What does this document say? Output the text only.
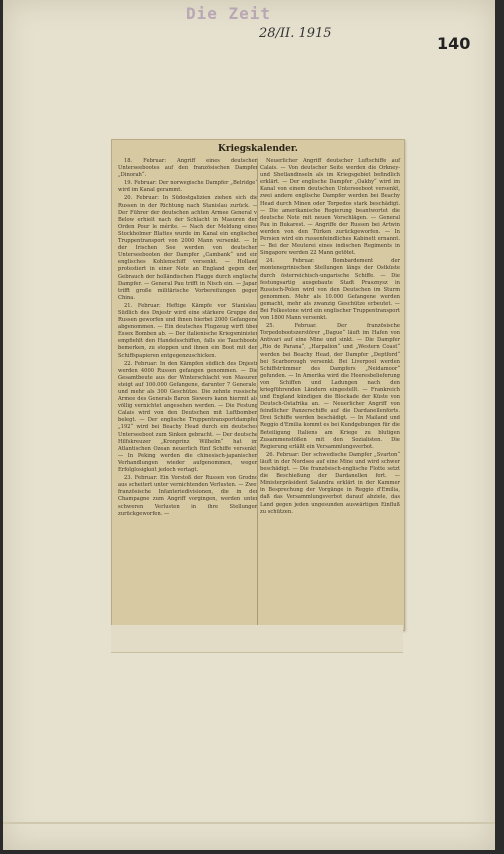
Die Zeit
28/II. 1915
140
Kriegskalender.

18. Februar: Angriff eines deutschen Unterseebootes auf den französischen Dampfer „Dinorah“.

19. Februar: Der norwegische Dampfer „Belridge“ wird im Kanal gerammt.

20. Februar: In Südostgalizien ziehen sich die Russen in der Richtung nach Stanislau zurück. — Der Führer der deutschen achten Armee General v. Below erhielt nach der Schlacht in Masuren den Orden Pour le mérite. — Nach der Meldung eines Stockholmer Blattes wurde im Kanal ein englischer Truppentransport von 2000 Mann versenkt. — In der Irischen See werden von deutschen Unterseebooten der Dampfer „Cambank“ und ein englisches Kohlenschiff versenkt. — Holland protestiert in einer Note an England gegen den Gebrauch der holländischen Flagge durch englische Dampfer. — General Pau trifft in Nisch ein. — Japan trifft große militärische Vorbereitungen gegen China.

21. Februar: Heftige Kämpfe vor Stanislau. Südlich des Dnjestr wird eine stärkere Gruppe der Russen geworfen und ihnen hierbei 2000 Gefangene abgenommen. — Ein deutsches Flugzeug wirft über Essex Bomben ab. — Der italienische Kriegsminister empfiehlt den Handelsschiffen, falls sie Tauchboote bemerken, zu stoppen und ihnen ein Boot mit den Schiffspapieren entgegenzuschicken.

22. Februar: In den Kämpfen südlich des Dnjestr werden 4000 Russen gefangen genommen. — Die Gesamtbeute aus der Winterschlacht von Masuren steigt auf 100.000 Gefangene, darunter 7 Generale, und mehr als 300 Geschütze. Die zehnte russische Armee des Generals Baron Siewers kann hiermit als völlig vernichtet angesehen werden. — Die Festung Calais wird von den Deutschen mit Luftbomben belegt. — Der englische Truppentransportdampfer „192“ wird bei Beachy Head durch ein deutsches Unterseeboot zum Sinken gebracht. — Der deutsche Hilfskreuzer „Kronprinz Wilhelm“ hat im Atlantischen Ozean neuerlich fünf Schiffe versenkt. — In Peking werden die chinesisch-japanischen Verhandlungen wieder aufgenommen, wegen Erfolglosigkeit jedoch vertagt.

23. Februar: Ein Vorstoß der Russen von Grodno aus scheitert unter vernichtenden Verlusten. — Zwei französische Infanteriedivisionen, die in der Champagne zum Angriff vorgingen, werden unter schweren Verlusten in ihre Stellungen zurückgeworfen. —

Neuerlicher Angriff deutscher Luftschiffe auf Calais. — Von deutscher Seite werden die Orkney- und Shetlandinseln als im Kriegsgebiet befindlich erklärt. — Der englische Dampfer „Oakby“ wird im Kanal von einem deutschen Unterseeboot versenkt, zwei andere englische Dampfer werden bei Beachy Head durch Minen oder Torpedos stark beschädigt. — Die amerikanische Regierung beantwortet die deutsche Note mit neuen Vorschlägen. — General Pau in Bukarest. — Angriffe der Russen bei Artwin werden von den Türken zurückgeworfen. — In Persien wird ein russenfeindliches Kabinett ernannt. — Bei der Meuterei eines indischen Regiments in Singapore werden 22 Mann getötet.

24. Februar. Bombardement der montenegrinischen Stellungen längs der Ostküste durch österreichisch-ungarische Schiffe. — Die festungsartig ausgebaute Stadt Prasznysz in Russisch-Polen wird von den Deutschen im Sturm genommen. Mehr als 10.000 Gefangene werden gemacht, mehr als zwanzig Geschütze erbeutet. — Bei Folkestone wird ein englischer Truppentransport von 1800 Mann versenkt.

25. Februar. Der französische Torpedobootszerstörer „Dague“ läuft im Hafen von Antivari auf eine Mine und sinkt. — Die Dampfer „Rio de Parana“, „Harpalion“ und „Western Coast“ werden bei Beachy Head, der Dampfer „Deptford“ bei Scarborough versenkt. Bei Liverpool werden Schiffstrümmer des Dampfers „Neidamoor“ gefunden. — In Amerika wird die Heeresbelieferung von Schiffen und Ladungen nach den kriegführenden Ländern eingestellt. — Frankreich und England kündigen die Blockade der Küste von Deutsch-Ostafrika an. — Neuerlicher Angriff von feindlicher Panzerschiffe auf die Dardanellenforts. Drei Schiffe werden beschädigt. — In Mailand und Reggio d'Emilia kommt es bei Kundgebungen für die Beteiligung Italiens am Kriege zu blutigen Zusammenstößen mit den Sozialisten. Die Regierung erläßt ein Versammlungsverbot.

26. Februar: Der schwedische Dampfer „Svarton“ läuft in der Nordsee auf eine Mine und wird schwer beschädigt. — Die französisch-englische Flotte setzt die Beschießung der Dardanellen fort. — Ministerpräsident Salandra erklärt in der Kammer in Besprechung der Vorgänge in Reggio d'Emilia, daß das Versammlungsverbot darauf abziele, das Land gegen jeden ungesunden auswärtigen Einfluß zu schützen.
